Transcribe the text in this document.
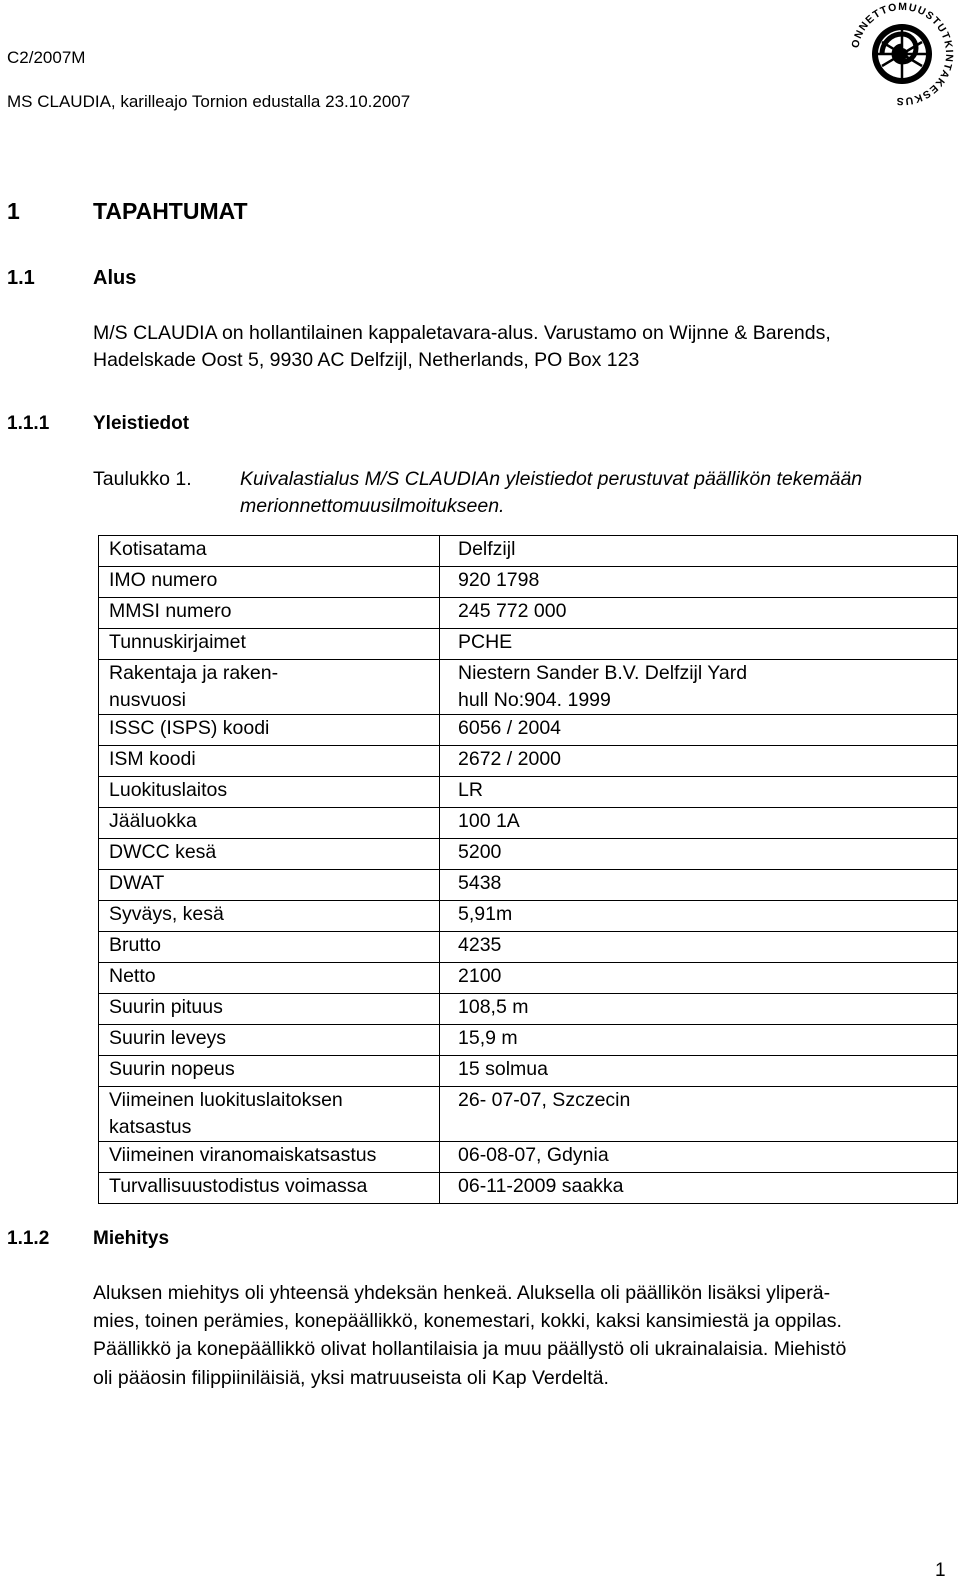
C2/2007M
MS CLAUDIA, karilleajo Tornion edustalla 23.10.2007
ONNETTOMUUSTUTKINTAKESKUS
1	TAPAHTUMAT
1.1	Alus
M/S CLAUDIA on hollantilainen kappaletavara-alus. Varustamo on Wijnne & Barends,
Hadelskade Oost 5, 9930 AC Delfzijl, Netherlands, PO Box 123
1.1.1 Yleistiedot
Taulukko 1. Kuivalastialus M/S CLAUDIAn yleistiedot perustuvat päällikön tekemään
merionnettomuusilmoitukseen.
Kotisatama	Delfzijl
IMO numero	920 1798
MMSI numero	245 772 000
Tunnuskirjaimet	PCHE
Rakentaja ja raken-
nusvuosi	Niestern Sander B.V. Delfzijl Yard
hull No:904. 1999
ISSC (ISPS) koodi	6056 / 2004
ISM koodi	2672 / 2000
Luokituslaitos	LR
Jääluokka	100 1A
DWCC kesä	5200
DWAT	5438
Syväys, kesä	5,91m
Brutto	4235
Netto	2100
Suurin pituus	108,5 m
Suurin leveys	15,9 m
Suurin nopeus	15 solmua
Viimeinen luokituslaitoksen
katsastus	26- 07-07, Szczecin
Viimeinen viranomaiskatsastus	06-08-07, Gdynia
Turvallisuustodistus voimassa	06-11-2009 saakka
1.1.2 Miehitys
Aluksen miehitys oli yhteensä yhdeksän henkeä. Aluksella oli päällikön lisäksi yliperä-
mies, toinen perämies, konepäällikkö, konemestari, kokki, kaksi kansimiestä ja oppilas.
Päällikkö ja konepäällikkö olivat hollantilaisia ja muu päällystö oli ukrainalaisia. Miehistö
oli pääosin filippiiniläisiä, yksi matruuseista oli Kap Verdeltä.
1
